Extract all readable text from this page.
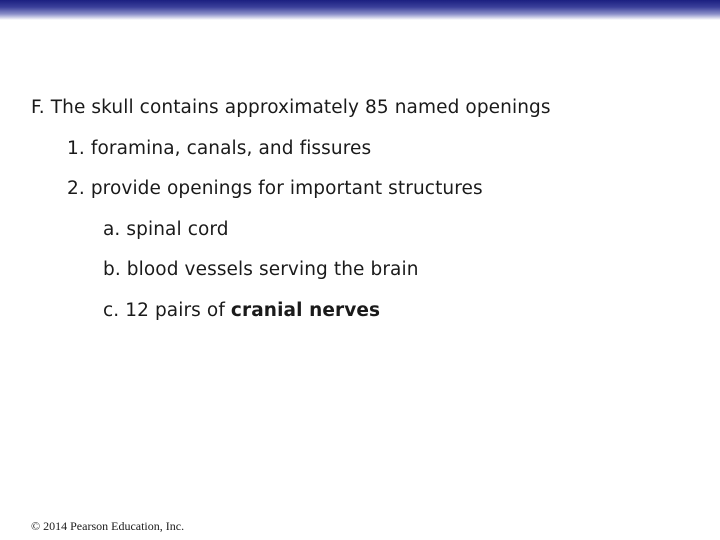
F. The skull contains approximately 85 named openings
1. foramina, canals, and fissures
2. provide openings for important structures
a. spinal cord
b. blood vessels serving the brain
c. 12 pairs of cranial nerves
© 2014 Pearson Education, Inc.
